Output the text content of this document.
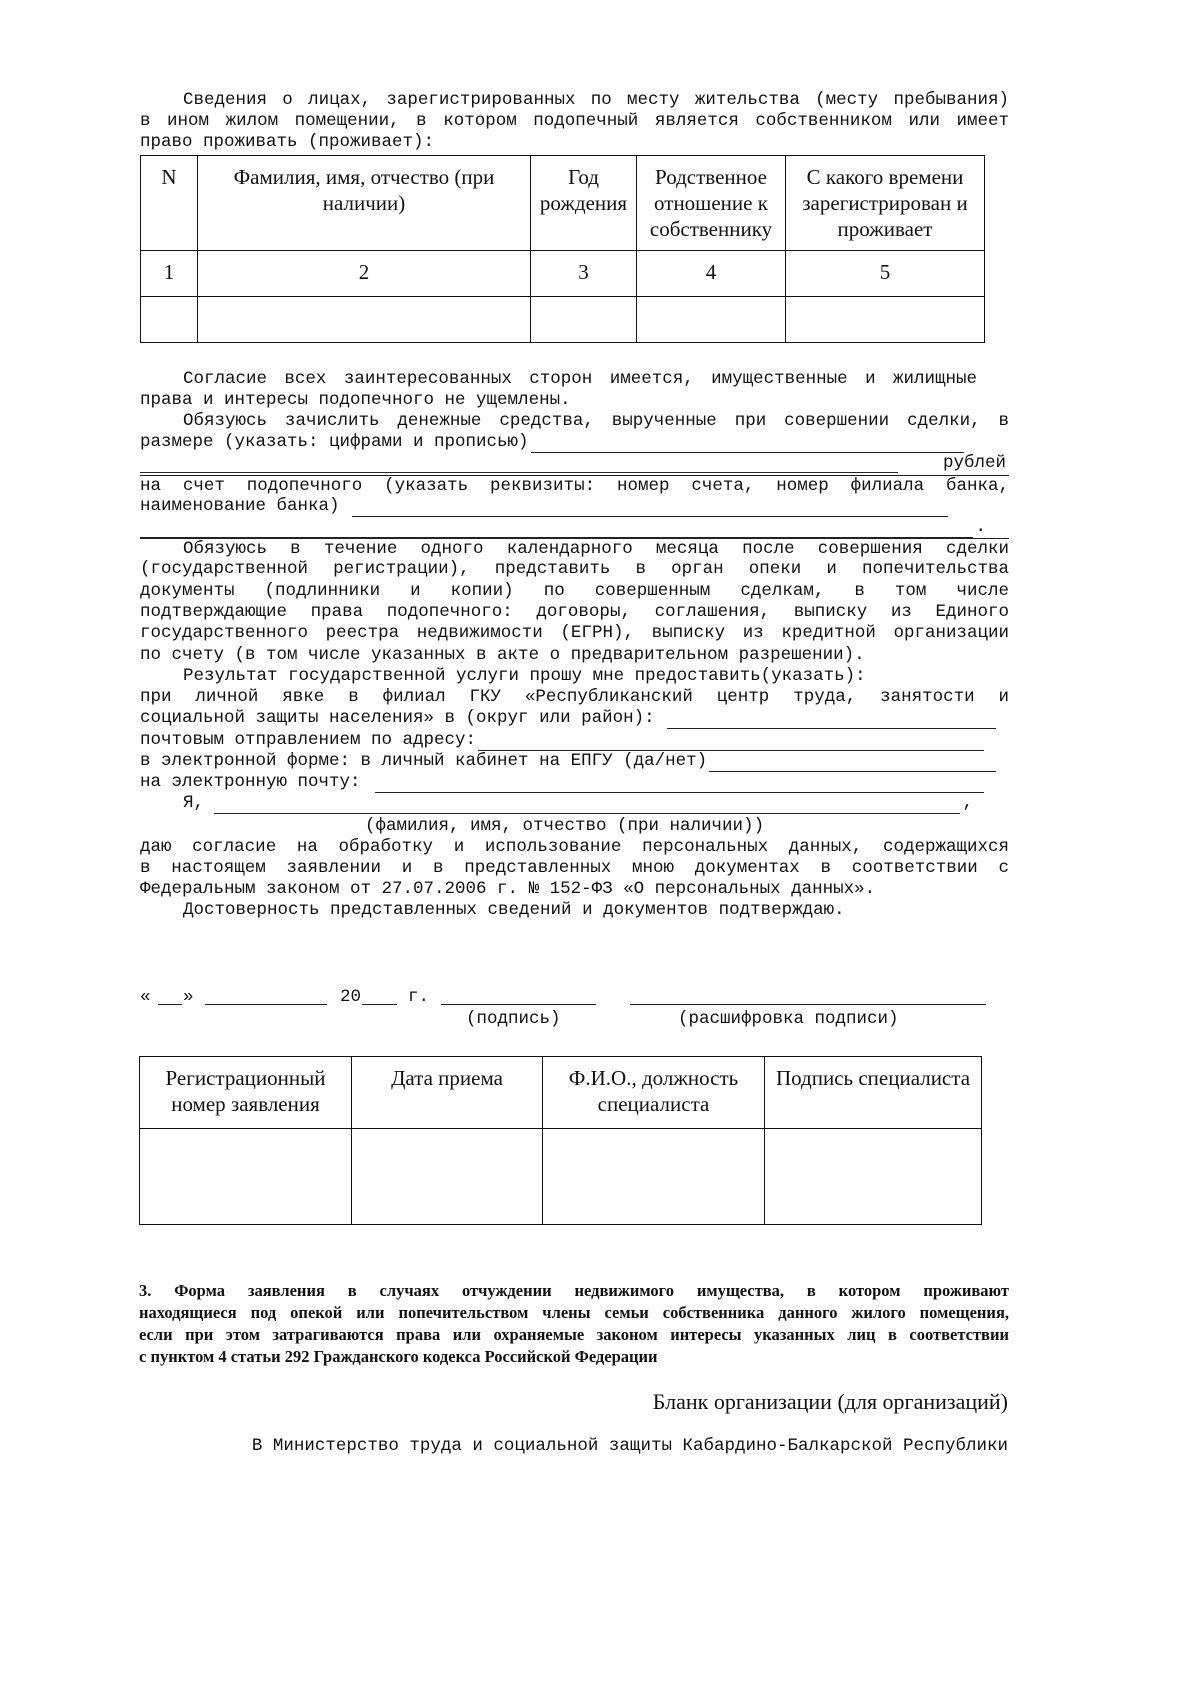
Сведения о лицах, зарегистрированных по месту жительства (месту пребывания)
в ином жилом помещении, в котором подопечный является собственником или имеет
право проживать (проживает):
N	Фамилия, имя, отчество (при наличии)	Год рождения	Родственное отношение к собственнику	С какого времени зарегистрирован и проживает
1	2	3	4	5

Согласие всех заинтересованных сторон имеется, имущественные и жилищные
права и интересы подопечного не ущемлены.
Обязуюсь зачислить денежные средства, вырученные при совершении сделки, в
размере (указать: цифрами и прописью)
рублей
на счет подопечного (указать реквизиты: номер счета, номер филиала банка,
наименование банка)
.
Обязуюсь в течение одного календарного месяца после совершения сделки
(государственной регистрации), представить в орган опеки и попечительства
документы (подлинники и копии) по совершенным сделкам, в том числе
подтверждающие права подопечного: договоры, соглашения, выписку из Единого
государственного реестра недвижимости (ЕГРН), выписку из кредитной организации
по счету (в том числе указанных в акте о предварительном разрешении).
Результат государственной услуги прошу мне предоставить(указать):
при личной явке в филиал ГКУ «Республиканский центр труда, занятости и
социальной защиты населения» в (округ или район):
почтовым отправлением по адресу:
в электронной форме: в личный кабинет на ЕПГУ (да/нет)
на электронную почту:
Я,	,
(фамилия, имя, отчество (при наличии))
даю согласие на обработку и использование персональных данных, содержащихся
в настоящем заявлении и в представленных мною документах в соответствии с
Федеральным законом от 27.07.2006 г. № 152-ФЗ «О персональных данных».
Достоверность представленных сведений и документов подтверждаю.
« »	20	г.
(подпись)	(расшифровка подписи)
Регистрационный номер заявления	Дата приема	Ф.И.О., должность специалиста	Подпись специалиста

3. Форма заявления в случаях отчуждении недвижимого имущества, в котором проживают
находящиеся под опекой или попечительством члены семьи собственника данного жилого помещения,
если при этом затрагиваются права или охраняемые законом интересы указанных лиц в соответствии
с пунктом 4 статьи 292 Гражданского кодекса Российской Федерации
Бланк организации (для организаций)
В Министерство труда и социальной защиты Кабардино-Балкарской Республики
